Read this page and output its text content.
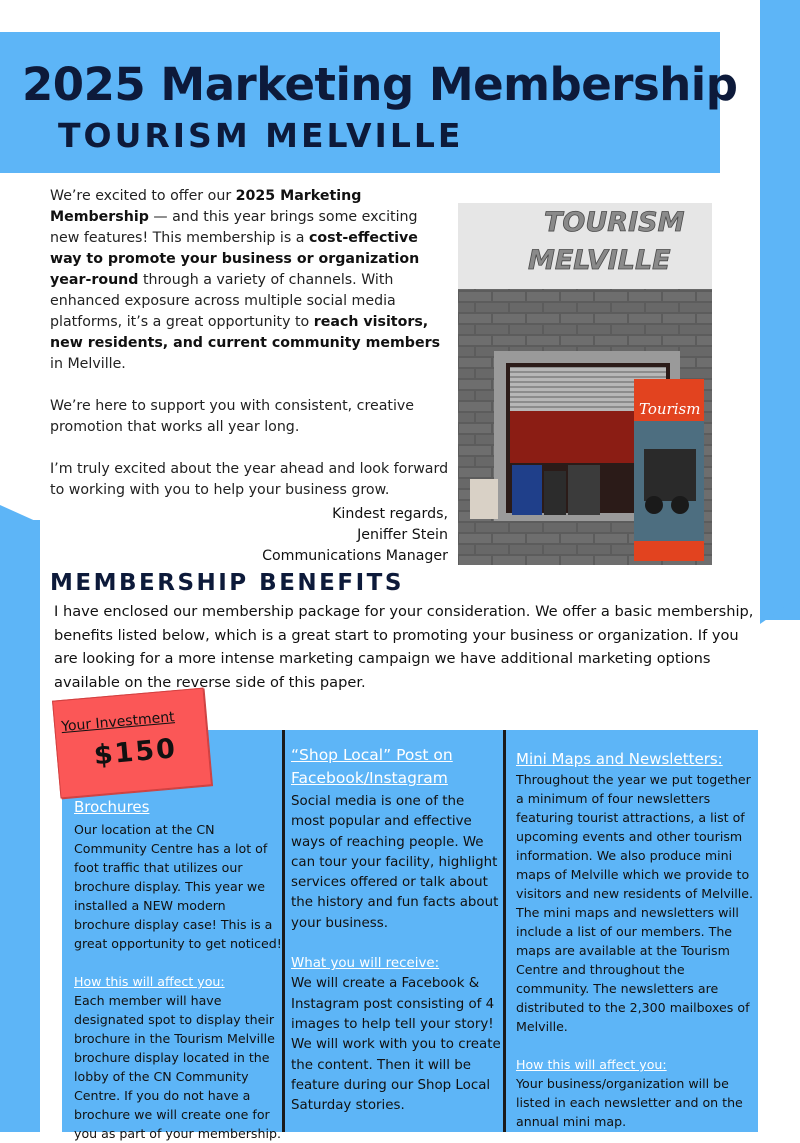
2025 Marketing Membership
TOURISM MELVILLE

We’re excited to offer our 2025 Marketing Membership — and this year brings some exciting new features! This membership is a cost-effective way to promote your business or organization year-round through a variety of channels. With enhanced exposure across multiple social media platforms, it’s a great opportunity to reach visitors, new residents, and current community members in Melville.

We’re here to support you with consistent, creative promotion that works all year long.

I’m truly excited about the year ahead and look forward to working with you to help your business grow.

Kindest regards,
Jeniffer Stein
Communications Manager
TOURISM
MELVILLE
Tourism
MEMBERSHIP BENEFITS

I have enclosed our membership package for your consideration. We offer a basic membership, benefits listed below, which is a great start to promoting your business or organization. If you are looking for a more intense marketing campaign we have additional marketing options available on the reverse side of this paper.

Brochures

Our location at the CN Community Centre has a lot of foot traffic that utilizes our brochure display. This year we installed a NEW modern brochure display case! This is a great opportunity to get noticed!

How this will affect you:

Each member will have designated spot to display their brochure in the Tourism Melville brochure display located in the lobby of the CN Community Centre. If you do not have a brochure we will create one for you as part of your membership.

“Shop Local” Post on Facebook/Instagram

Social media is one of the most popular and effective ways of reaching people. We can tour your facility, highlight services offered or talk about the history and fun facts about your business.

What you will receive:

We will create a Facebook & Instagram post consisting of 4 images to help tell your story! We will work with you to create the content. Then it will be feature during our Shop Local Saturday stories.

Mini Maps and Newsletters:

Throughout the year we put together a minimum of four newsletters featuring tourist attractions, a list of upcoming events and other tourism information. We also produce mini maps of Melville which we provide to visitors and new residents of Melville. The mini maps and newsletters will include a list of our members. The maps are available at the Tourism Centre and throughout the community. The newsletters are distributed to the 2,300 mailboxes of Melville.

How this will affect you:

Your business/organization will be listed in each newsletter and on the annual mini map.

Your Investment
$150
